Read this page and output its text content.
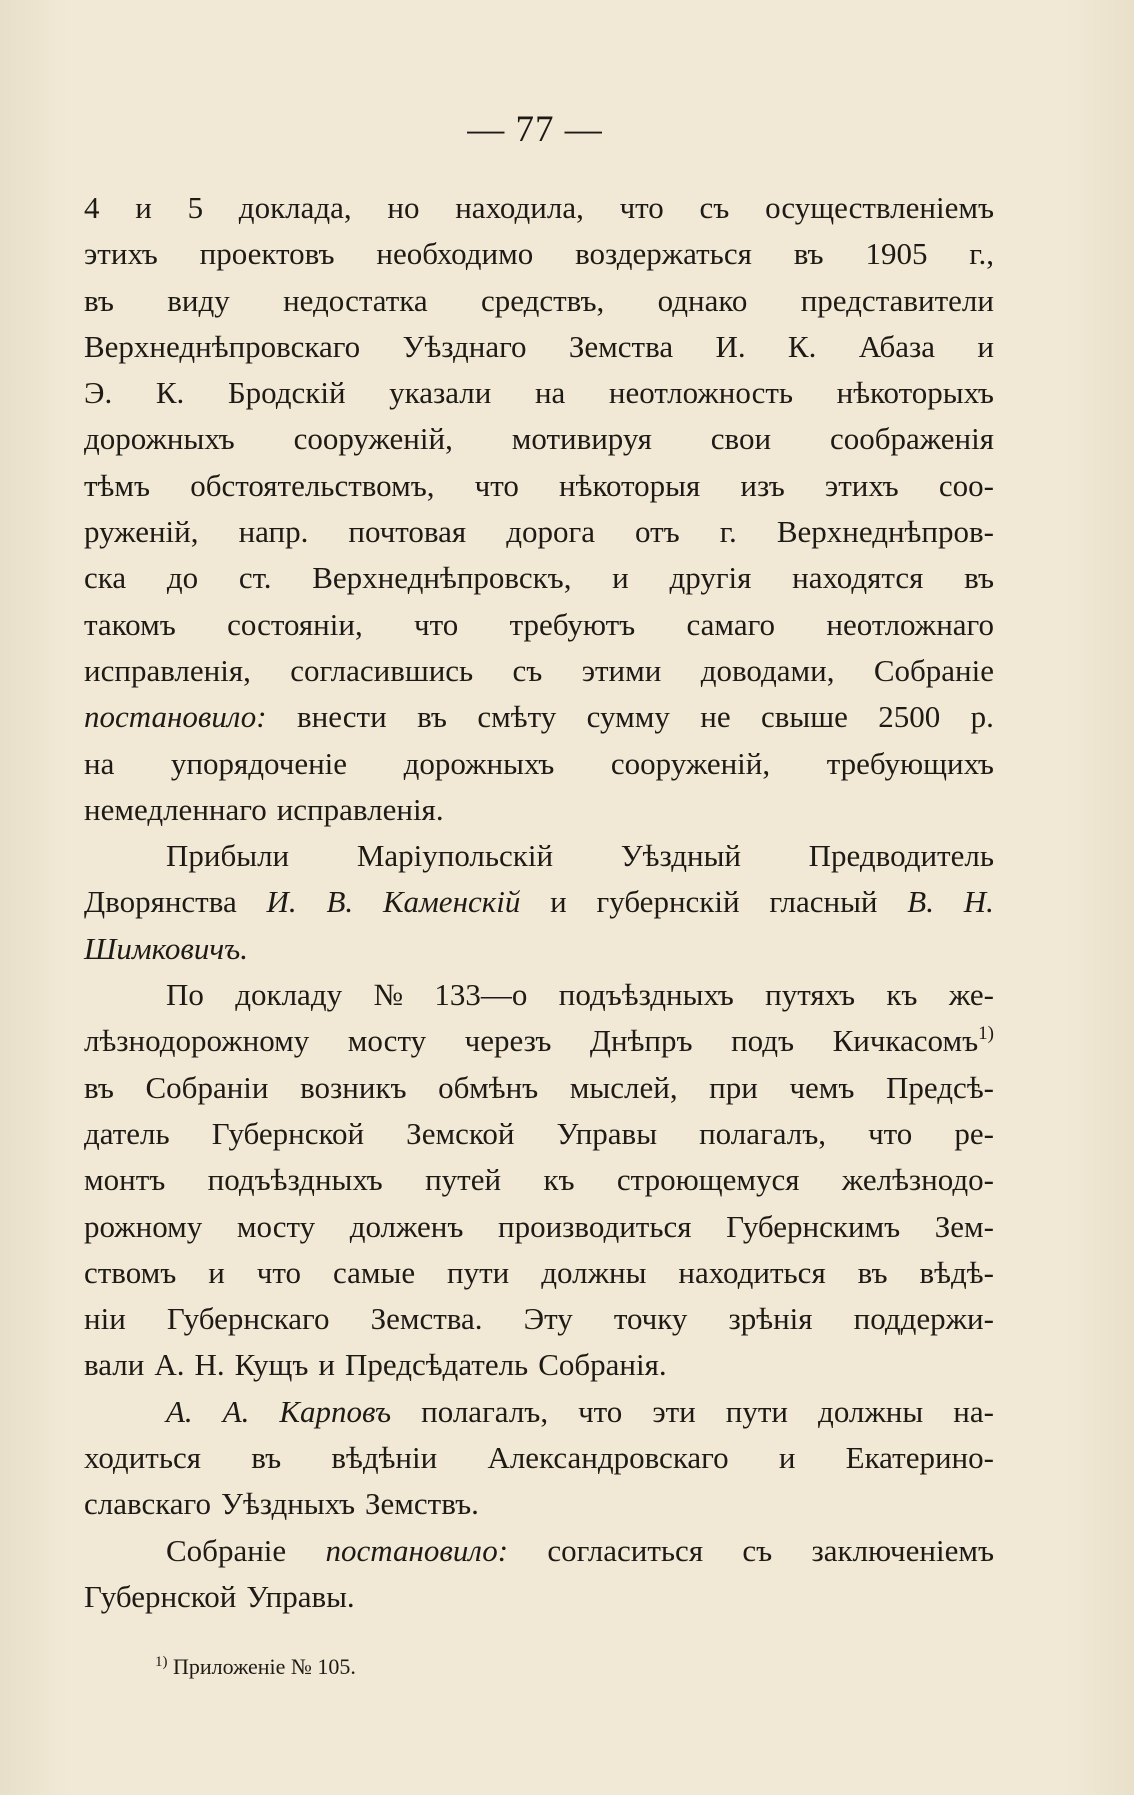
— 77 —
4 и 5 доклада, но находила, что съ осуществленіемъ
этихъ проектовъ необходимо воздержаться въ 1905 г.,
въ виду недостатка средствъ, однако представители
Верхнеднѣпровскаго Уѣзднаго Земства И. К. Абаза и
Э. К. Бродскій указали на неотложность нѣкоторыхъ
дорожныхъ сооруженій, мотивируя свои соображенія
тѣмъ обстоятельствомъ, что нѣкоторыя изъ этихъ соо-
руженій, напр. почтовая дорога отъ г. Верхнеднѣпров-
ска до ст. Верхнеднѣпровскъ, и другія находятся въ
такомъ состояніи, что требуютъ самаго неотложнаго
исправленія, согласившись съ этими доводами, Собраніе
постановило: внести въ смѣту сумму не свыше 2500 р.
на упорядоченіе дорожныхъ сооруженій, требующихъ
немедленнаго исправленія.
Прибыли Маріупольскій Уѣздный Предводитель
Дворянства И. В. Каменскій и губернскій гласный В. Н.
Шимковичъ.
По докладу № 133—о подъѣздныхъ путяхъ къ же-
лѣзнодорожному мосту черезъ Днѣпръ подъ Кичкасомъ$^{1)}$
въ Собраніи возникъ обмѣнъ мыслей, при чемъ Предсѣ-
датель Губернской Земской Управы полагалъ, что ре-
монтъ подъѣздныхъ путей къ строющемуся желѣзнодо-
рожному мосту долженъ производиться Губернскимъ Зем-
ствомъ и что самые пути должны находиться въ вѣдѣ-
ніи Губернскаго Земства. Эту точку зрѣнія поддержи-
вали А. Н. Кущъ и Предсѣдатель Собранія.
А. А. Карповъ полагалъ, что эти пути должны на-
ходиться въ вѣдѣніи Александровскаго и Екатерино-
славскаго Уѣздныхъ Земствъ.
Собраніе постановило: согласиться съ заключеніемъ
Губернской Управы.
$^{1)}$ Приложеніе № 105.
